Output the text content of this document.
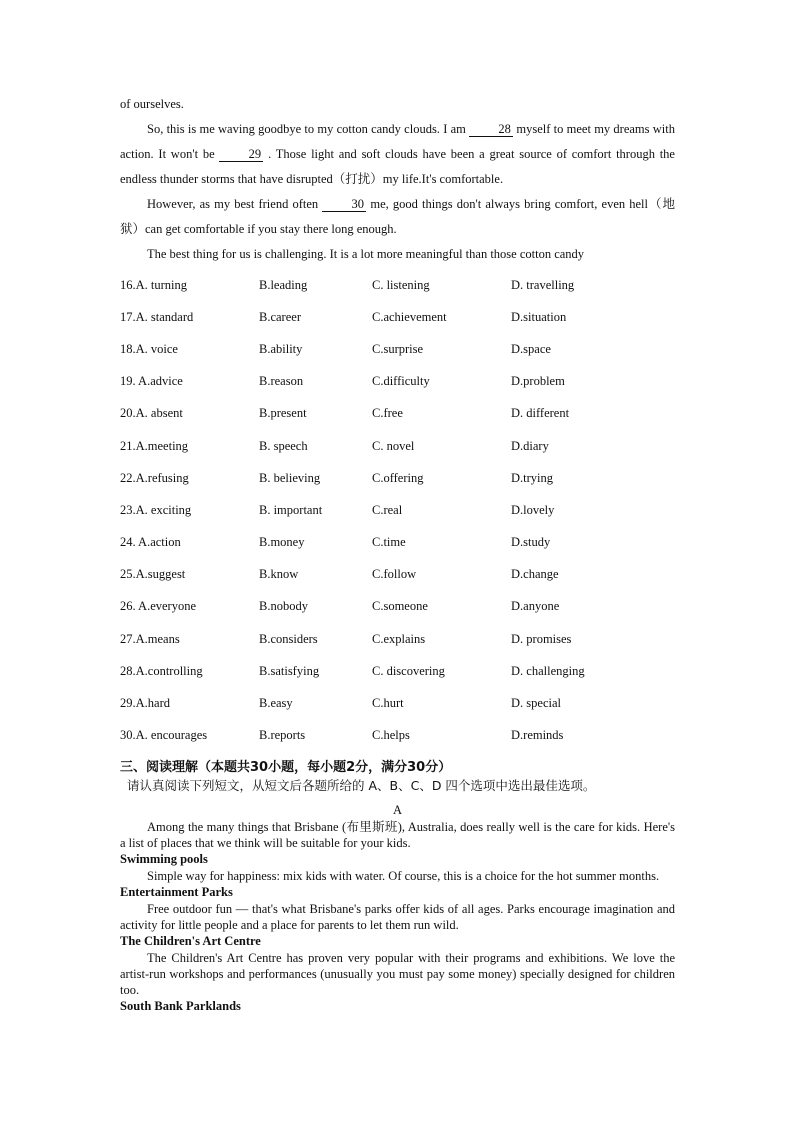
of ourselves.

So, this is me waving goodbye to my cotton candy clouds. I am 28 myself to meet my dreams with action. It won't be 29 . Those light and soft clouds have been a great source of comfort through the endless thunder storms that have disrupted（打扰）my life.It's comfortable.

However, as my best friend often 30 me, good things don't always bring comfort, even hell（地狱）can get comfortable if you stay there long enough.

The best thing for us is challenging. It is a lot more meaningful than those cotton candy

16.A. turning	B.leading	C. listening	D. travelling
17.A. standard	B.career	C.achievement	D.situation
18.A. voice	B.ability	C.surprise	D.space
19. A.advice	B.reason	C.difficulty	D.problem
20.A. absent	B.present	C.free	D. different
21.A.meeting	B. speech	C. novel	D.diary
22.A.refusing	B. believing	C.offering	D.trying
23.A. exciting	B. important	C.real	D.lovely
24. A.action	B.money	C.time	D.study
25.A.suggest	B.know	C.follow	D.change
26. A.everyone	B.nobody	C.someone	D.anyone
27.A.means	B.considers	C.explains	D. promises
28.A.controlling	B.satisfying	C. discovering	D. challenging
29.A.hard	B.easy	C.hurt	D. special
30.A. encourages	B.reports	C.helps	D.reminds
三、阅读理解（本题共30小题，每小题2分，满分30分）
请认真阅读下列短文，从短文后各题所给的 A、B、C、D 四个选项中选出最佳选项。
A

Among the many things that Brisbane (布里斯班), Australia, does really well is the care for kids. Here's a list of places that we think will be suitable for your kids.

Swimming pools

Simple way for happiness: mix kids with water. Of course, this is a choice for the hot summer months.

Entertainment Parks

Free outdoor fun — that's what Brisbane's parks offer kids of all ages. Parks encourage imagination and activity for little people and a place for parents to let them run wild.

The Children's Art Centre

The Children's Art Centre has proven very popular with their programs and exhibitions. We love the artist-run workshops and performances (unusually you must pay some money) specially designed for children too.

South Bank Parklands
